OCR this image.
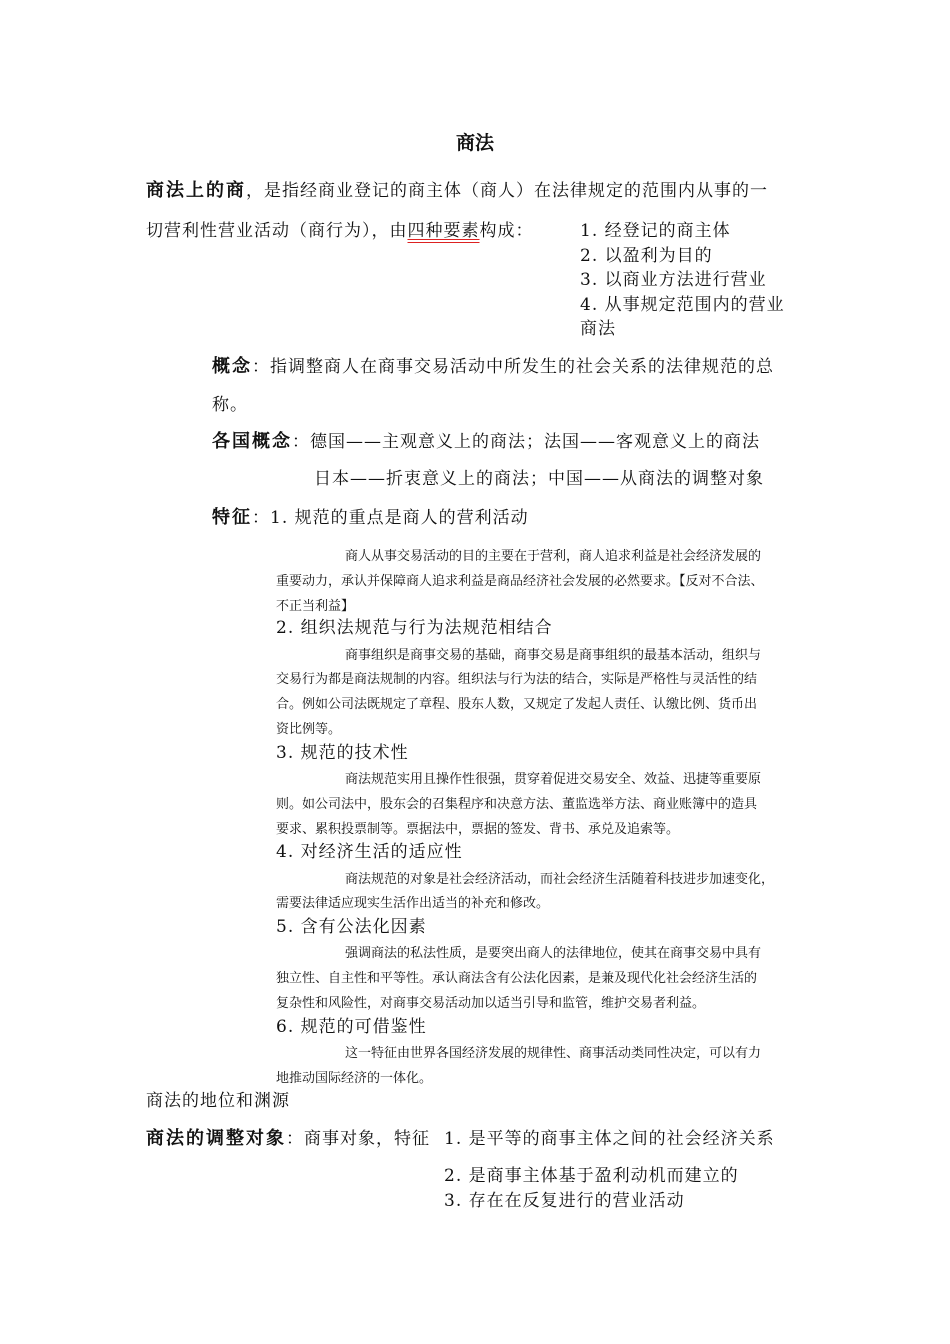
商法
商法上的商，是指经商业登记的商主体（商人）在法律规定的范围内从事的一
切营利性营业活动（商行为），由四种要素构成：	1. 经登记的商主体
2. 以盈利为目的
3. 以商业方法进行营业
4. 从事规定范围内的营业
商法
概念：指调整商人在商事交易活动中所发生的社会关系的法律规范的总
称。
各国概念：德国——主观意义上的商法；法国——客观意义上的商法
日本——折衷意义上的商法；中国——从商法的调整对象
特征：1. 规范的重点是商人的营利活动
商人从事交易活动的目的主要在于营利，商人追求利益是社会经济发展的
重要动力，承认并保障商人追求利益是商品经济社会发展的必然要求。【反对不合法、
不正当利益】
2. 组织法规范与行为法规范相结合
商事组织是商事交易的基础，商事交易是商事组织的最基本活动，组织与
交易行为都是商法规制的内容。组织法与行为法的结合，实际是严格性与灵活性的结
合。例如公司法既规定了章程、股东人数，又规定了发起人责任、认缴比例、货币出
资比例等。
3. 规范的技术性
商法规范实用且操作性很强，贯穿着促进交易安全、效益、迅捷等重要原
则。如公司法中，股东会的召集程序和决意方法、董监选举方法、商业账簿中的造具
要求、累积投票制等。票据法中，票据的签发、背书、承兑及追索等。
4. 对经济生活的适应性
商法规范的对象是社会经济活动，而社会经济生活随着科技进步加速变化，
需要法律适应现实生活作出适当的补充和修改。
5. 含有公法化因素
强调商法的私法性质，是要突出商人的法律地位，使其在商事交易中具有
独立性、自主性和平等性。承认商法含有公法化因素，是兼及现代化社会经济生活的
复杂性和风险性，对商事交易活动加以适当引导和监管，维护交易者利益。
6. 规范的可借鉴性
这一特征由世界各国经济发展的规律性、商事活动类同性决定，可以有力
地推动国际经济的一体化。
商法的地位和渊源
商法的调整对象：商事对象，特征 1. 是平等的商事主体之间的社会经济关系
2. 是商事主体基于盈利动机而建立的
3. 存在在反复进行的营业活动
